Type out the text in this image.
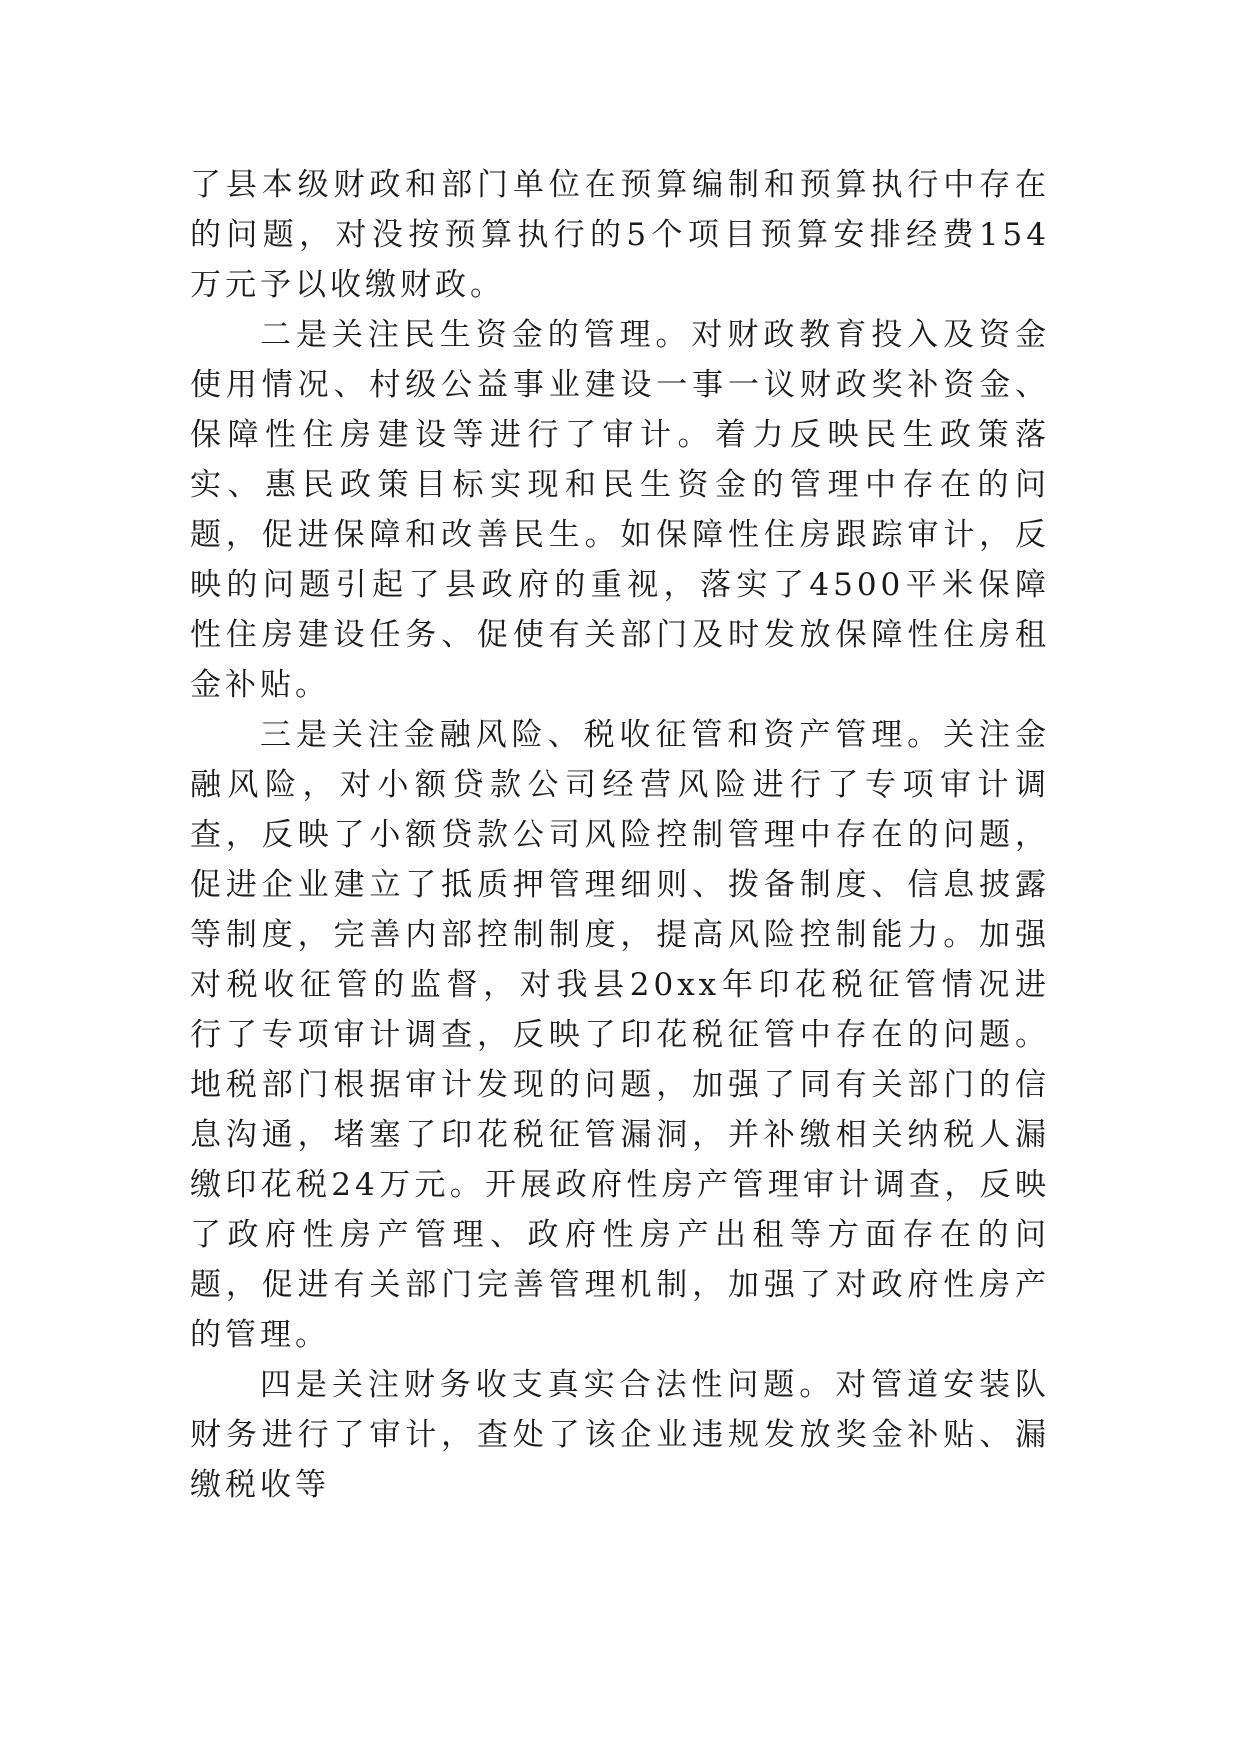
了县本级财政和部门单位在预算编制和预算执行中存在的问题，对没按预算执行的5个项目预算安排经费154万元予以收缴财政。

二是关注民生资金的管理。对财政教育投入及资金使用情况、村级公益事业建设一事一议财政奖补资金、保障性住房建设等进行了审计。着力反映民生政策落实、惠民政策目标实现和民生资金的管理中存在的问题，促进保障和改善民生。如保障性住房跟踪审计，反映的问题引起了县政府的重视，落实了4500平米保障性住房建设任务、促使有关部门及时发放保障性住房租金补贴。

三是关注金融风险、税收征管和资产管理。关注金融风险，对小额贷款公司经营风险进行了专项审计调查，反映了小额贷款公司风险控制管理中存在的问题，促进企业建立了抵质押管理细则、拨备制度、信息披露等制度，完善内部控制制度，提高风险控制能力。加强对税收征管的监督，对我县20xx年印花税征管情况进行了专项审计调查，反映了印花税征管中存在的问题。地税部门根据审计发现的问题，加强了同有关部门的信息沟通，堵塞了印花税征管漏洞，并补缴相关纳税人漏缴印花税24万元。开展政府性房产管理审计调查，反映了政府性房产管理、政府性房产出租等方面存在的问题，促进有关部门完善管理机制，加强了对政府性房产的管理。

四是关注财务收支真实合法性问题。对管道安装队财务进行了审计，查处了该企业违规发放奖金补贴、漏缴税收等
